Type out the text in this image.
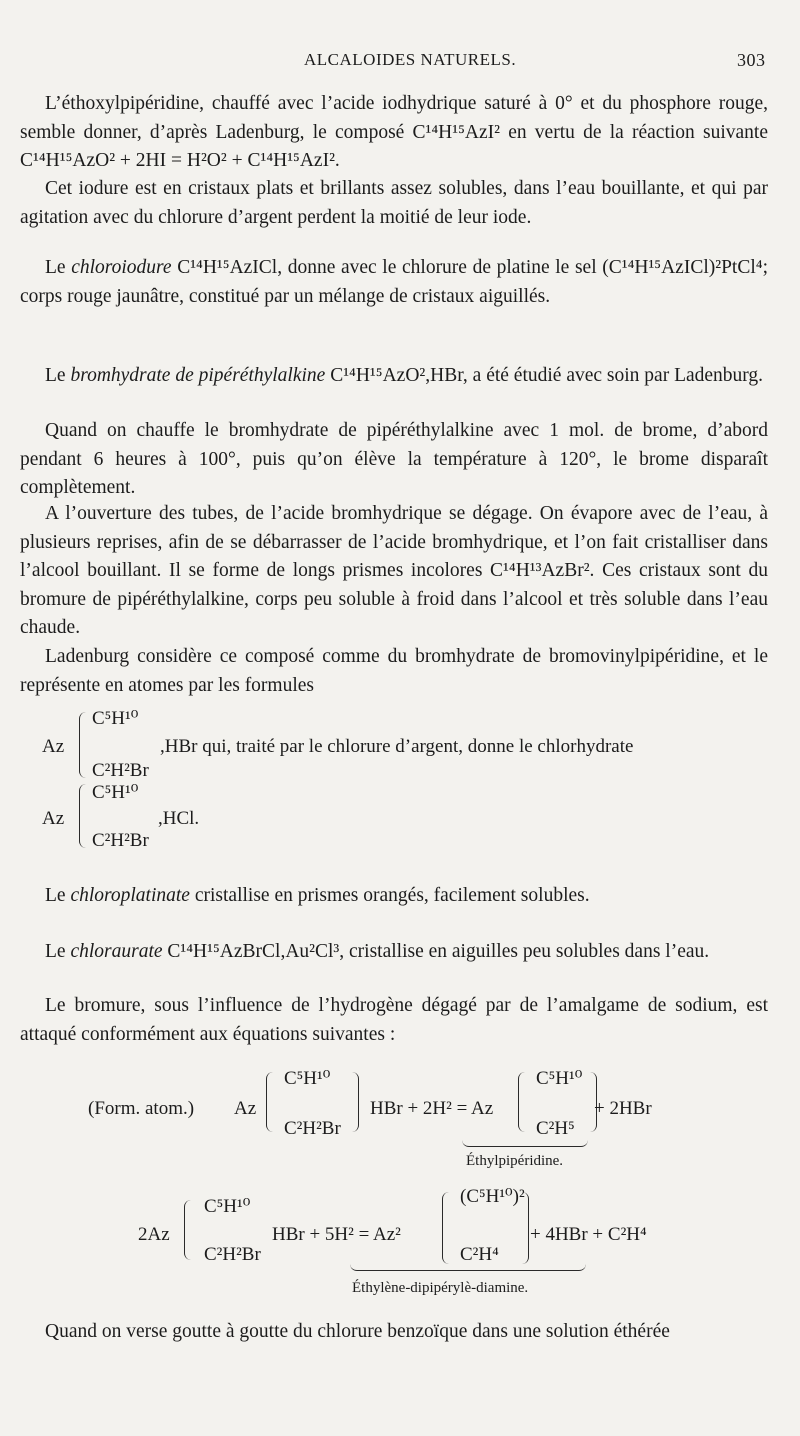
ALCALOIDES NATURELS.	303

L’éthoxylpipéridine, chauffé avec l’acide iodhydrique saturé à 0° et du phosphore rouge, semble donner, d’après Ladenburg, le composé C¹⁴H¹⁵AzI² en vertu de la réaction suivante C¹⁴H¹⁵AzO² + 2HI = H²O² + C¹⁴H¹⁵AzI².

Cet iodure est en cristaux plats et brillants assez solubles, dans l’eau bouillante, et qui par agitation avec du chlorure d’argent perdent la moitié de leur iode.

Le chloroiodure C¹⁴H¹⁵AzICl, donne avec le chlorure de platine le sel (C¹⁴H¹⁵AzICl)²PtCl⁴; corps rouge jaunâtre, constitué par un mélange de cristaux aiguillés.

Le bromhydrate de pipéréthylalkine C¹⁴H¹⁵AzO²,HBr, a été étudié avec soin par Ladenburg.

Quand on chauffe le bromhydrate de pipéréthylalkine avec 1 mol. de brome, d’abord pendant 6 heures à 100°, puis qu’on élève la température à 120°, le brome disparaît complètement.

A l’ouverture des tubes, de l’acide bromhydrique se dégage. On évapore avec de l’eau, à plusieurs reprises, afin de se débarrasser de l’acide bromhydrique, et l’on fait cristalliser dans l’alcool bouillant. Il se forme de longs prismes incolores C¹⁴H¹³AzBr². Ces cristaux sont du bromure de pipéréthylalkine, corps peu soluble à froid dans l’alcool et très soluble dans l’eau chaude.

Ladenburg considère ce composé comme du bromhydrate de bromovinylpipéridine, et le représente en atomes par les formules

Az
C⁵H¹⁰
C²H²Br
,HBr qui, traité par le chlorure d’argent, donne le chlorhydrate
Az
C⁵H¹⁰
C²H²Br
,HCl.

Le chloroplatinate cristallise en prismes orangés, facilement solubles.

Le chloraurate C¹⁴H¹⁵AzBrCl,Au²Cl³, cristallise en aiguilles peu solubles dans l’eau.

Le bromure, sous l’influence de l’hydrogène dégagé par de l’amalgame de sodium, est attaqué conformément aux équations suivantes :

(Form. atom.) Az
C⁵H¹⁰
C²H²Br
HBr + 2H² = Az
C⁵H¹⁰
C²H⁵
+ 2HBr
Éthylpipéridine.
2Az
C⁵H¹⁰
C²H²Br
HBr + 5H² = Az²
(C⁵H¹⁰)²
C²H⁴
+ 4HBr + C²H⁴
Éthylène-dipipérylè-diamine.

Quand on verse goutte à goutte du chlorure benzoïque dans une solution éthérée
